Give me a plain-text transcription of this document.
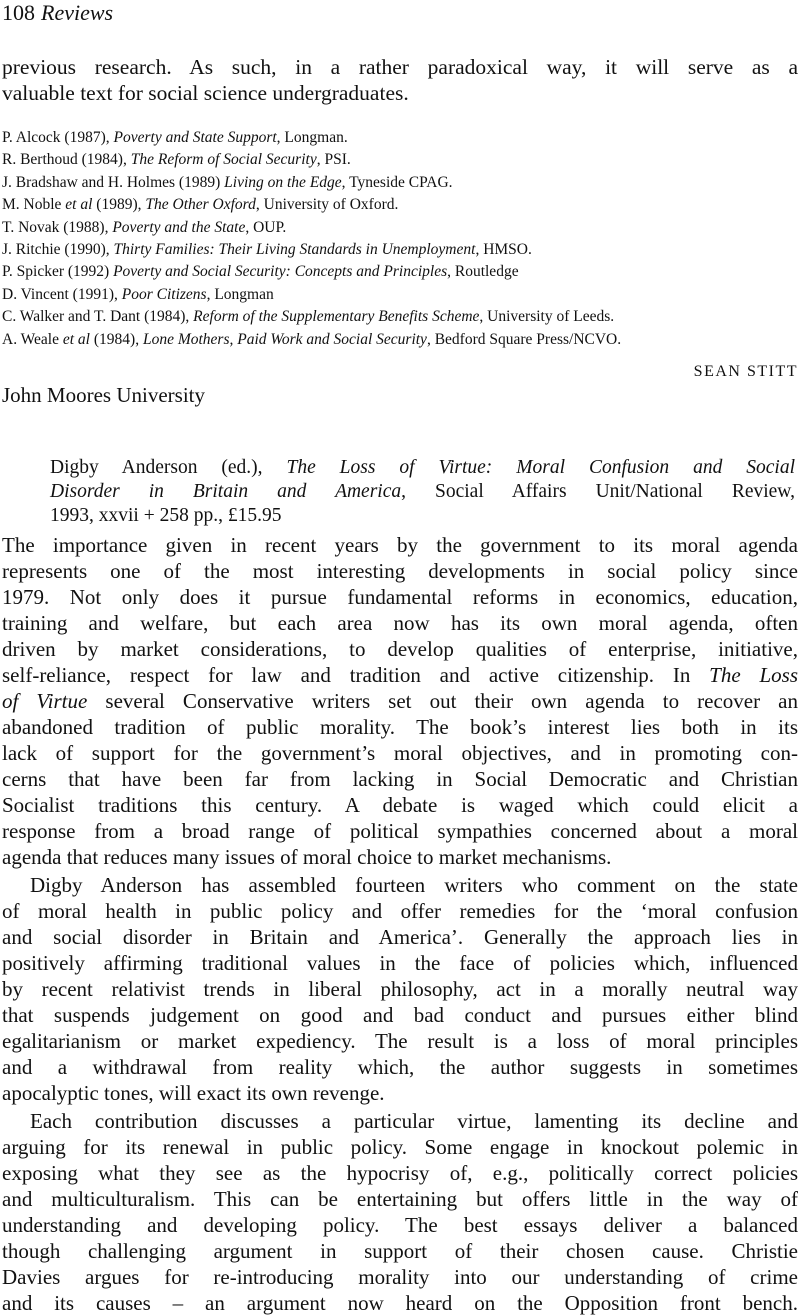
108 Reviews
previous research. As such, in a rather paradoxical way, it will serve as a
valuable text for social science undergraduates.
P. Alcock (1987), Poverty and State Support, Longman.
R. Berthoud (1984), The Reform of Social Security, PSI.
J. Bradshaw and H. Holmes (1989) Living on the Edge, Tyneside CPAG.
M. Noble et al (1989), The Other Oxford, University of Oxford.
T. Novak (1988), Poverty and the State, OUP.
J. Ritchie (1990), Thirty Families: Their Living Standards in Unemployment, HMSO.
P. Spicker (1992) Poverty and Social Security: Concepts and Principles, Routledge
D. Vincent (1991), Poor Citizens, Longman
C. Walker and T. Dant (1984), Reform of the Supplementary Benefits Scheme, University of Leeds.
A. Weale et al (1984), Lone Mothers, Paid Work and Social Security, Bedford Square Press/NCVO.
SEAN STITT
John Moores University
Digby Anderson (ed.), The Loss of Virtue: Moral Confusion and Social
Disorder in Britain and America, Social Affairs Unit/National Review,
1993, xxvii + 258 pp., £15.95

The importance given in recent years by the government to its moral agenda
represents one of the most interesting developments in social policy since
1979. Not only does it pursue fundamental reforms in economics, education,
training and welfare, but each area now has its own moral agenda, often
driven by market considerations, to develop qualities of enterprise, initiative,
self-reliance, respect for law and tradition and active citizenship. In The Loss
of Virtue several Conservative writers set out their own agenda to recover an
abandoned tradition of public morality. The book’s interest lies both in its
lack of support for the government’s moral objectives, and in promoting con-
cerns that have been far from lacking in Social Democratic and Christian
Socialist traditions this century. A debate is waged which could elicit a
response from a broad range of political sympathies concerned about a moral
agenda that reduces many issues of moral choice to market mechanisms.

Digby Anderson has assembled fourteen writers who comment on the state
of moral health in public policy and offer remedies for the ‘moral confusion
and social disorder in Britain and America’. Generally the approach lies in
positively affirming traditional values in the face of policies which, influenced
by recent relativist trends in liberal philosophy, act in a morally neutral way
that suspends judgement on good and bad conduct and pursues either blind
egalitarianism or market expediency. The result is a loss of moral principles
and a withdrawal from reality which, the author suggests in sometimes
apocalyptic tones, will exact its own revenge.

Each contribution discusses a particular virtue, lamenting its decline and
arguing for its renewal in public policy. Some engage in knockout polemic in
exposing what they see as the hypocrisy of, e.g., politically correct policies
and multiculturalism. This can be entertaining but offers little in the way of
understanding and developing policy. The best essays deliver a balanced
though challenging argument in support of their chosen cause. Christie
Davies argues for re-introducing morality into our understanding of crime
and its causes – an argument now heard on the Opposition front bench.
